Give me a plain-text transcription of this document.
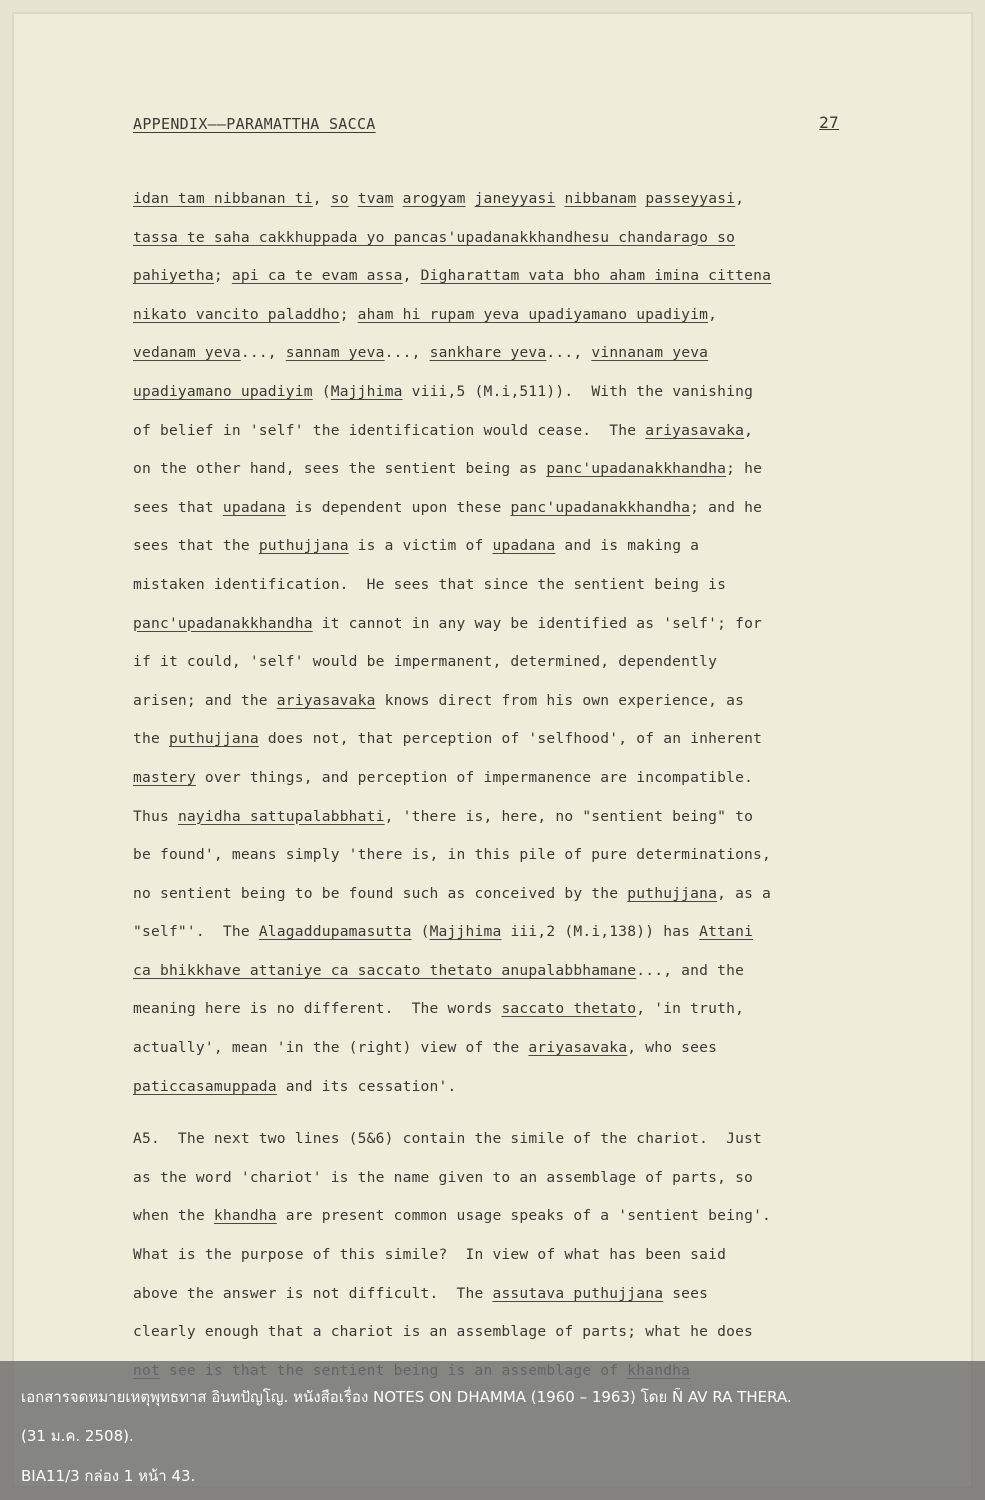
APPENDIX——PARAMATTHA SACCA	27
idan tam nibbanan ti, so tvam arogyam janeyyasi nibbanam passeyyasi,
tassa te saha cakkhuppada yo pancas'upadanakkhandhesu chandarago so
pahiyetha; api ca te evam assa, Digharattam vata bho aham imina cittena
nikato vancito paladdho; aham hi rupam yeva upadiyamano upadiyim,
vedanam yeva..., sannam yeva..., sankhare yeva..., vinnanam yeva
upadiyamano upadiyim (Majjhima viii,5 (M.i,511)).  With the vanishing
of belief in 'self' the identification would cease.  The ariyasavaka,
on the other hand, sees the sentient being as panc'upadanakkhandha; he
sees that upadana is dependent upon these panc'upadanakkhandha; and he
sees that the puthujjana is a victim of upadana and is making a
mistaken identification.  He sees that since the sentient being is
panc'upadanakkhandha it cannot in any way be identified as 'self'; for
if it could, 'self' would be impermanent, determined, dependently
arisen; and the ariyasavaka knows direct from his own experience, as
the puthujjana does not, that perception of 'selfhood', of an inherent
mastery over things, and perception of impermanence are incompatible.
Thus nayidha sattupalabbhati, 'there is, here, no "sentient being" to
be found', means simply 'there is, in this pile of pure determinations,
no sentient being to be found such as conceived by the puthujjana, as a
"self"'.  The Alagaddupamasutta (Majjhima iii,2 (M.i,138)) has Attani
ca bhikkhave attaniye ca saccato thetato anupalabbhamane..., and the
meaning here is no different.  The words saccato thetato, 'in truth,
actually', mean 'in the (right) view of the ariyasavaka, who sees
paticcasamuppada and its cessation'.
A5.  The next two lines (5&6) contain the simile of the chariot.  Just
as the word 'chariot' is the name given to an assemblage of parts, so
when the khandha are present common usage speaks of a 'sentient being'.
What is the purpose of this simile?  In view of what has been said
above the answer is not difficult.  The assutava puthujjana sees
clearly enough that a chariot is an assemblage of parts; what he does
เอกสารจดหมายเหตุพุทธทาส อินทปัญโญ. หนังสือเรื่อง NOTES ON DHAMMA (1960 – 1963) โดย Ñ AV RA THERA.
(31 ม.ค. 2508).
BIA11/3 กล่อง 1 หน้า 43.
